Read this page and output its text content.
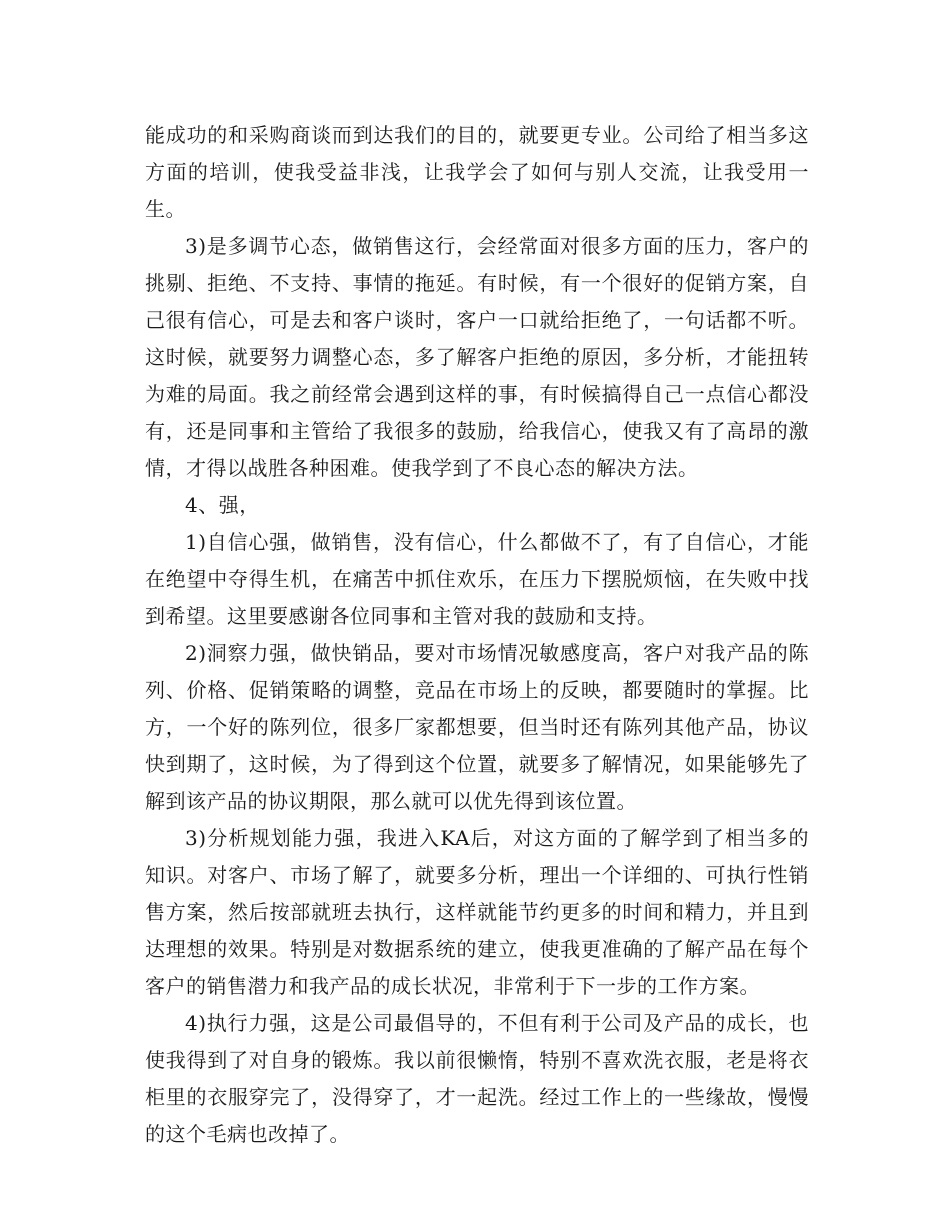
能成功的和采购商谈而到达我们的目的，就要更专业。公司给了相当多这方面的培训，使我受益非浅，让我学会了如何与别人交流，让我受用一生。

3)是多调节心态，做销售这行，会经常面对很多方面的压力，客户的挑剔、拒绝、不支持、事情的拖延。有时候，有一个很好的促销方案，自己很有信心，可是去和客户谈时，客户一口就给拒绝了，一句话都不听。这时候，就要努力调整心态，多了解客户拒绝的原因，多分析，才能扭转为难的局面。我之前经常会遇到这样的事，有时候搞得自己一点信心都没有，还是同事和主管给了我很多的鼓励，给我信心，使我又有了高昂的激情，才得以战胜各种困难。使我学到了不良心态的解决方法。

4、强，

1)自信心强，做销售，没有信心，什么都做不了，有了自信心，才能在绝望中夺得生机，在痛苦中抓住欢乐，在压力下摆脱烦恼，在失败中找到希望。这里要感谢各位同事和主管对我的鼓励和支持。

2)洞察力强，做快销品，要对市场情况敏感度高，客户对我产品的陈列、价格、促销策略的调整，竞品在市场上的反映，都要随时的掌握。比方，一个好的陈列位，很多厂家都想要，但当时还有陈列其他产品，协议快到期了，这时候，为了得到这个位置，就要多了解情况，如果能够先了解到该产品的协议期限，那么就可以优先得到该位置。

3)分析规划能力强，我进入KA后，对这方面的了解学到了相当多的知识。对客户、市场了解了，就要多分析，理出一个详细的、可执行性销售方案，然后按部就班去执行，这样就能节约更多的时间和精力，并且到达理想的效果。特别是对数据系统的建立，使我更准确的了解产品在每个客户的销售潜力和我产品的成长状况，非常利于下一步的工作方案。

4)执行力强，这是公司最倡导的，不但有利于公司及产品的成长，也使我得到了对自身的锻炼。我以前很懒惰，特别不喜欢洗衣服，老是将衣柜里的衣服穿完了，没得穿了，才一起洗。经过工作上的一些缘故，慢慢的这个毛病也改掉了。
